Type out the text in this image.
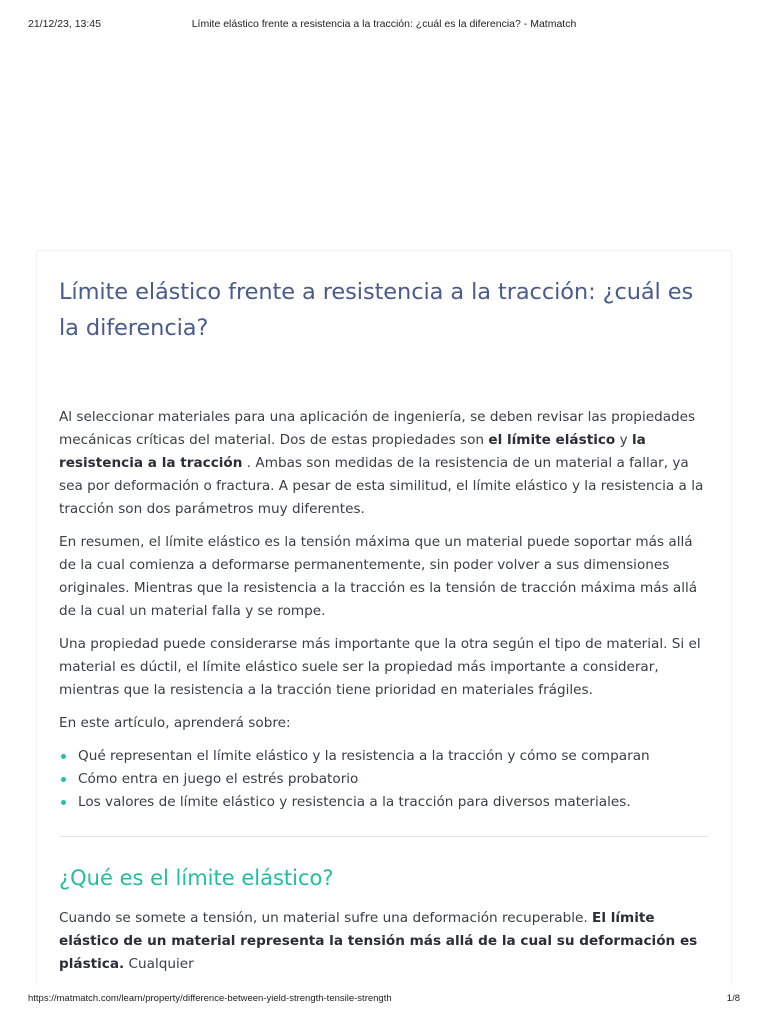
21/12/23, 13:45	Límite elástico frente a resistencia a la tracción: ¿cuál es la diferencia? - Matmatch
Límite elástico frente a resistencia a la tracción: ¿cuál es la diferencia?

Al seleccionar materiales para una aplicación de ingeniería, se deben revisar las propiedades mecánicas críticas del material. Dos de estas propiedades son el límite elástico y la resistencia a la tracción . Ambas son medidas de la resistencia de un material a fallar, ya sea por deformación o fractura. A pesar de esta similitud, el límite elástico y la resistencia a la tracción son dos parámetros muy diferentes.

En resumen, el límite elástico es la tensión máxima que un material puede soportar más allá de la cual comienza a deformarse permanentemente, sin poder volver a sus dimensiones originales. Mientras que la resistencia a la tracción es la tensión de tracción máxima más allá de la cual un material falla y se rompe.

Una propiedad puede considerarse más importante que la otra según el tipo de material. Si el material es dúctil, el límite elástico suele ser la propiedad más importante a considerar, mientras que la resistencia a la tracción tiene prioridad en materiales frágiles.

En este artículo, aprenderá sobre:

Qué representan el límite elástico y la resistencia a la tracción y cómo se comparan
Cómo entra en juego el estrés probatorio
Los valores de límite elástico y resistencia a la tracción para diversos materiales.
¿Qué es el límite elástico?

Cuando se somete a tensión, un material sufre una deformación recuperable. El límite elástico de un material representa la tensión más allá de la cual su deformación es plástica. Cualquier

https://matmatch.com/learn/property/difference-between-yield-strength-tensile-strength	1/8
